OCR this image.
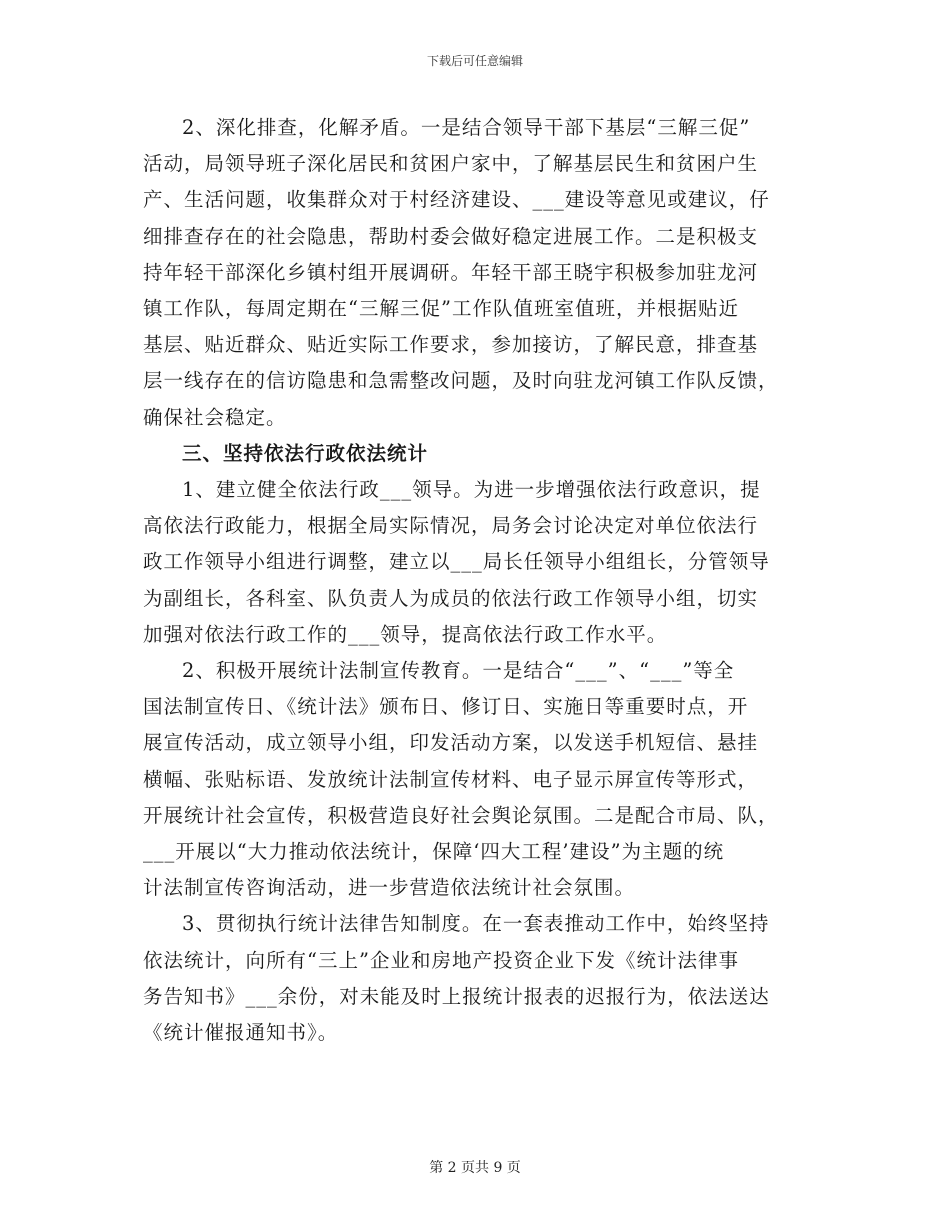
下载后可任意编辑
2、深化排查，化解矛盾。一是结合领导干部下基层“三解三促”
活动，局领导班子深化居民和贫困户家中，了解基层民生和贫困户生
产、生活问题，收集群众对于村经济建设、___建设等意见或建议，仔
细排查存在的社会隐患，帮助村委会做好稳定进展工作。二是积极支
持年轻干部深化乡镇村组开展调研。年轻干部王晓宇积极参加驻龙河
镇工作队，每周定期在“三解三促”工作队值班室值班，并根据贴近
基层、贴近群众、贴近实际工作要求，参加接访，了解民意，排查基
层一线存在的信访隐患和急需整改问题，及时向驻龙河镇工作队反馈，
确保社会稳定。
三、坚持依法行政依法统计
1、建立健全依法行政___领导。为进一步增强依法行政意识，提
高依法行政能力，根据全局实际情况，局务会讨论决定对单位依法行
政工作领导小组进行调整，建立以___局长任领导小组组长，分管领导
为副组长，各科室、队负责人为成员的依法行政工作领导小组，切实
加强对依法行政工作的___领导，提高依法行政工作水平。
2、积极开展统计法制宣传教育。一是结合“___”、“___”等全
国法制宣传日、《统计法》颁布日、修订日、实施日等重要时点，开
展宣传活动，成立领导小组，印发活动方案，以发送手机短信、悬挂
横幅、张贴标语、发放统计法制宣传材料、电子显示屏宣传等形式，
开展统计社会宣传，积极营造良好社会舆论氛围。二是配合市局、队，
___开展以“大力推动依法统计，保障‘四大工程’建设”为主题的统
计法制宣传咨询活动，进一步营造依法统计社会氛围。
3、贯彻执行统计法律告知制度。在一套表推动工作中，始终坚持
依法统计，向所有“三上”企业和房地产投资企业下发《统计法律事
务告知书》___余份，对未能及时上报统计报表的迟报行为，依法送达
《统计催报通知书》。
第 2 页共 9 页
